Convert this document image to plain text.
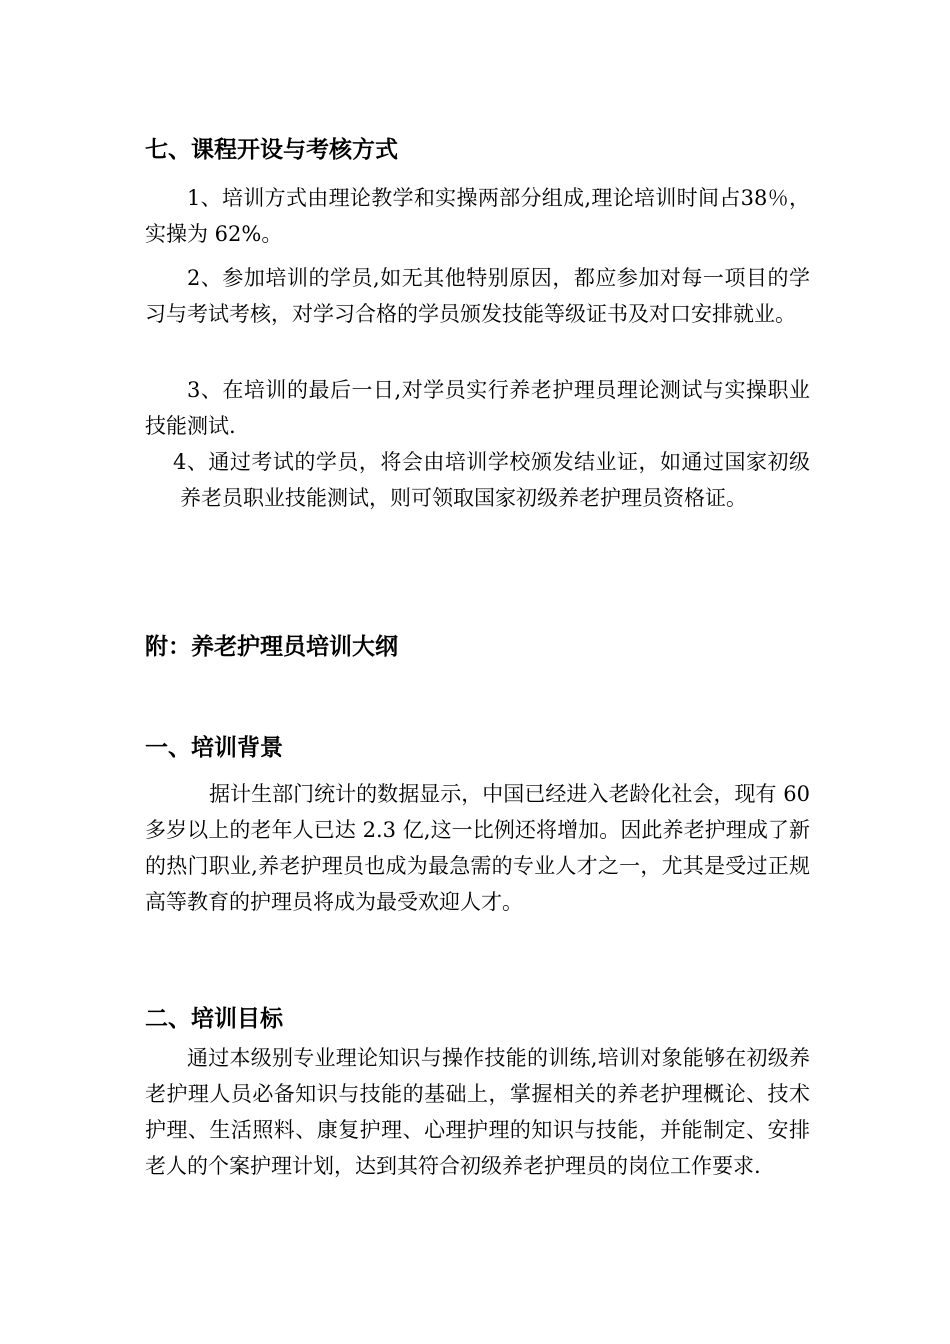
七、课程开设与考核方式

1、培训方式由理论教学和实操两部分组成,理论培训时间占38％，实操为 62%。

2、参加培训的学员,如无其他特别原因，都应参加对每一项目的学习与考试考核，对学习合格的学员颁发技能等级证书及对口安排就业。

3、在培训的最后一日,对学员实行养老护理员理论测试与实操职业技能测试.

4、通过考试的学员，将会由培训学校颁发结业证，如通过国家初级养老员职业技能测试，则可领取国家初级养老护理员资格证。

附：养老护理员培训大纲
一、培训背景

据计生部门统计的数据显示，中国已经进入老龄化社会，现有 60 多岁以上的老年人已达 2.3 亿,这一比例还将增加。因此养老护理成了新的热门职业,养老护理员也成为最急需的专业人才之一，尤其是受过正规高等教育的护理员将成为最受欢迎人才。

二、培训目标

通过本级别专业理论知识与操作技能的训练,培训对象能够在初级养老护理人员必备知识与技能的基础上，掌握相关的养老护理概论、技术护理、生活照料、康复护理、心理护理的知识与技能，并能制定、安排老人的个案护理计划，达到其符合初级养老护理员的岗位工作要求.
